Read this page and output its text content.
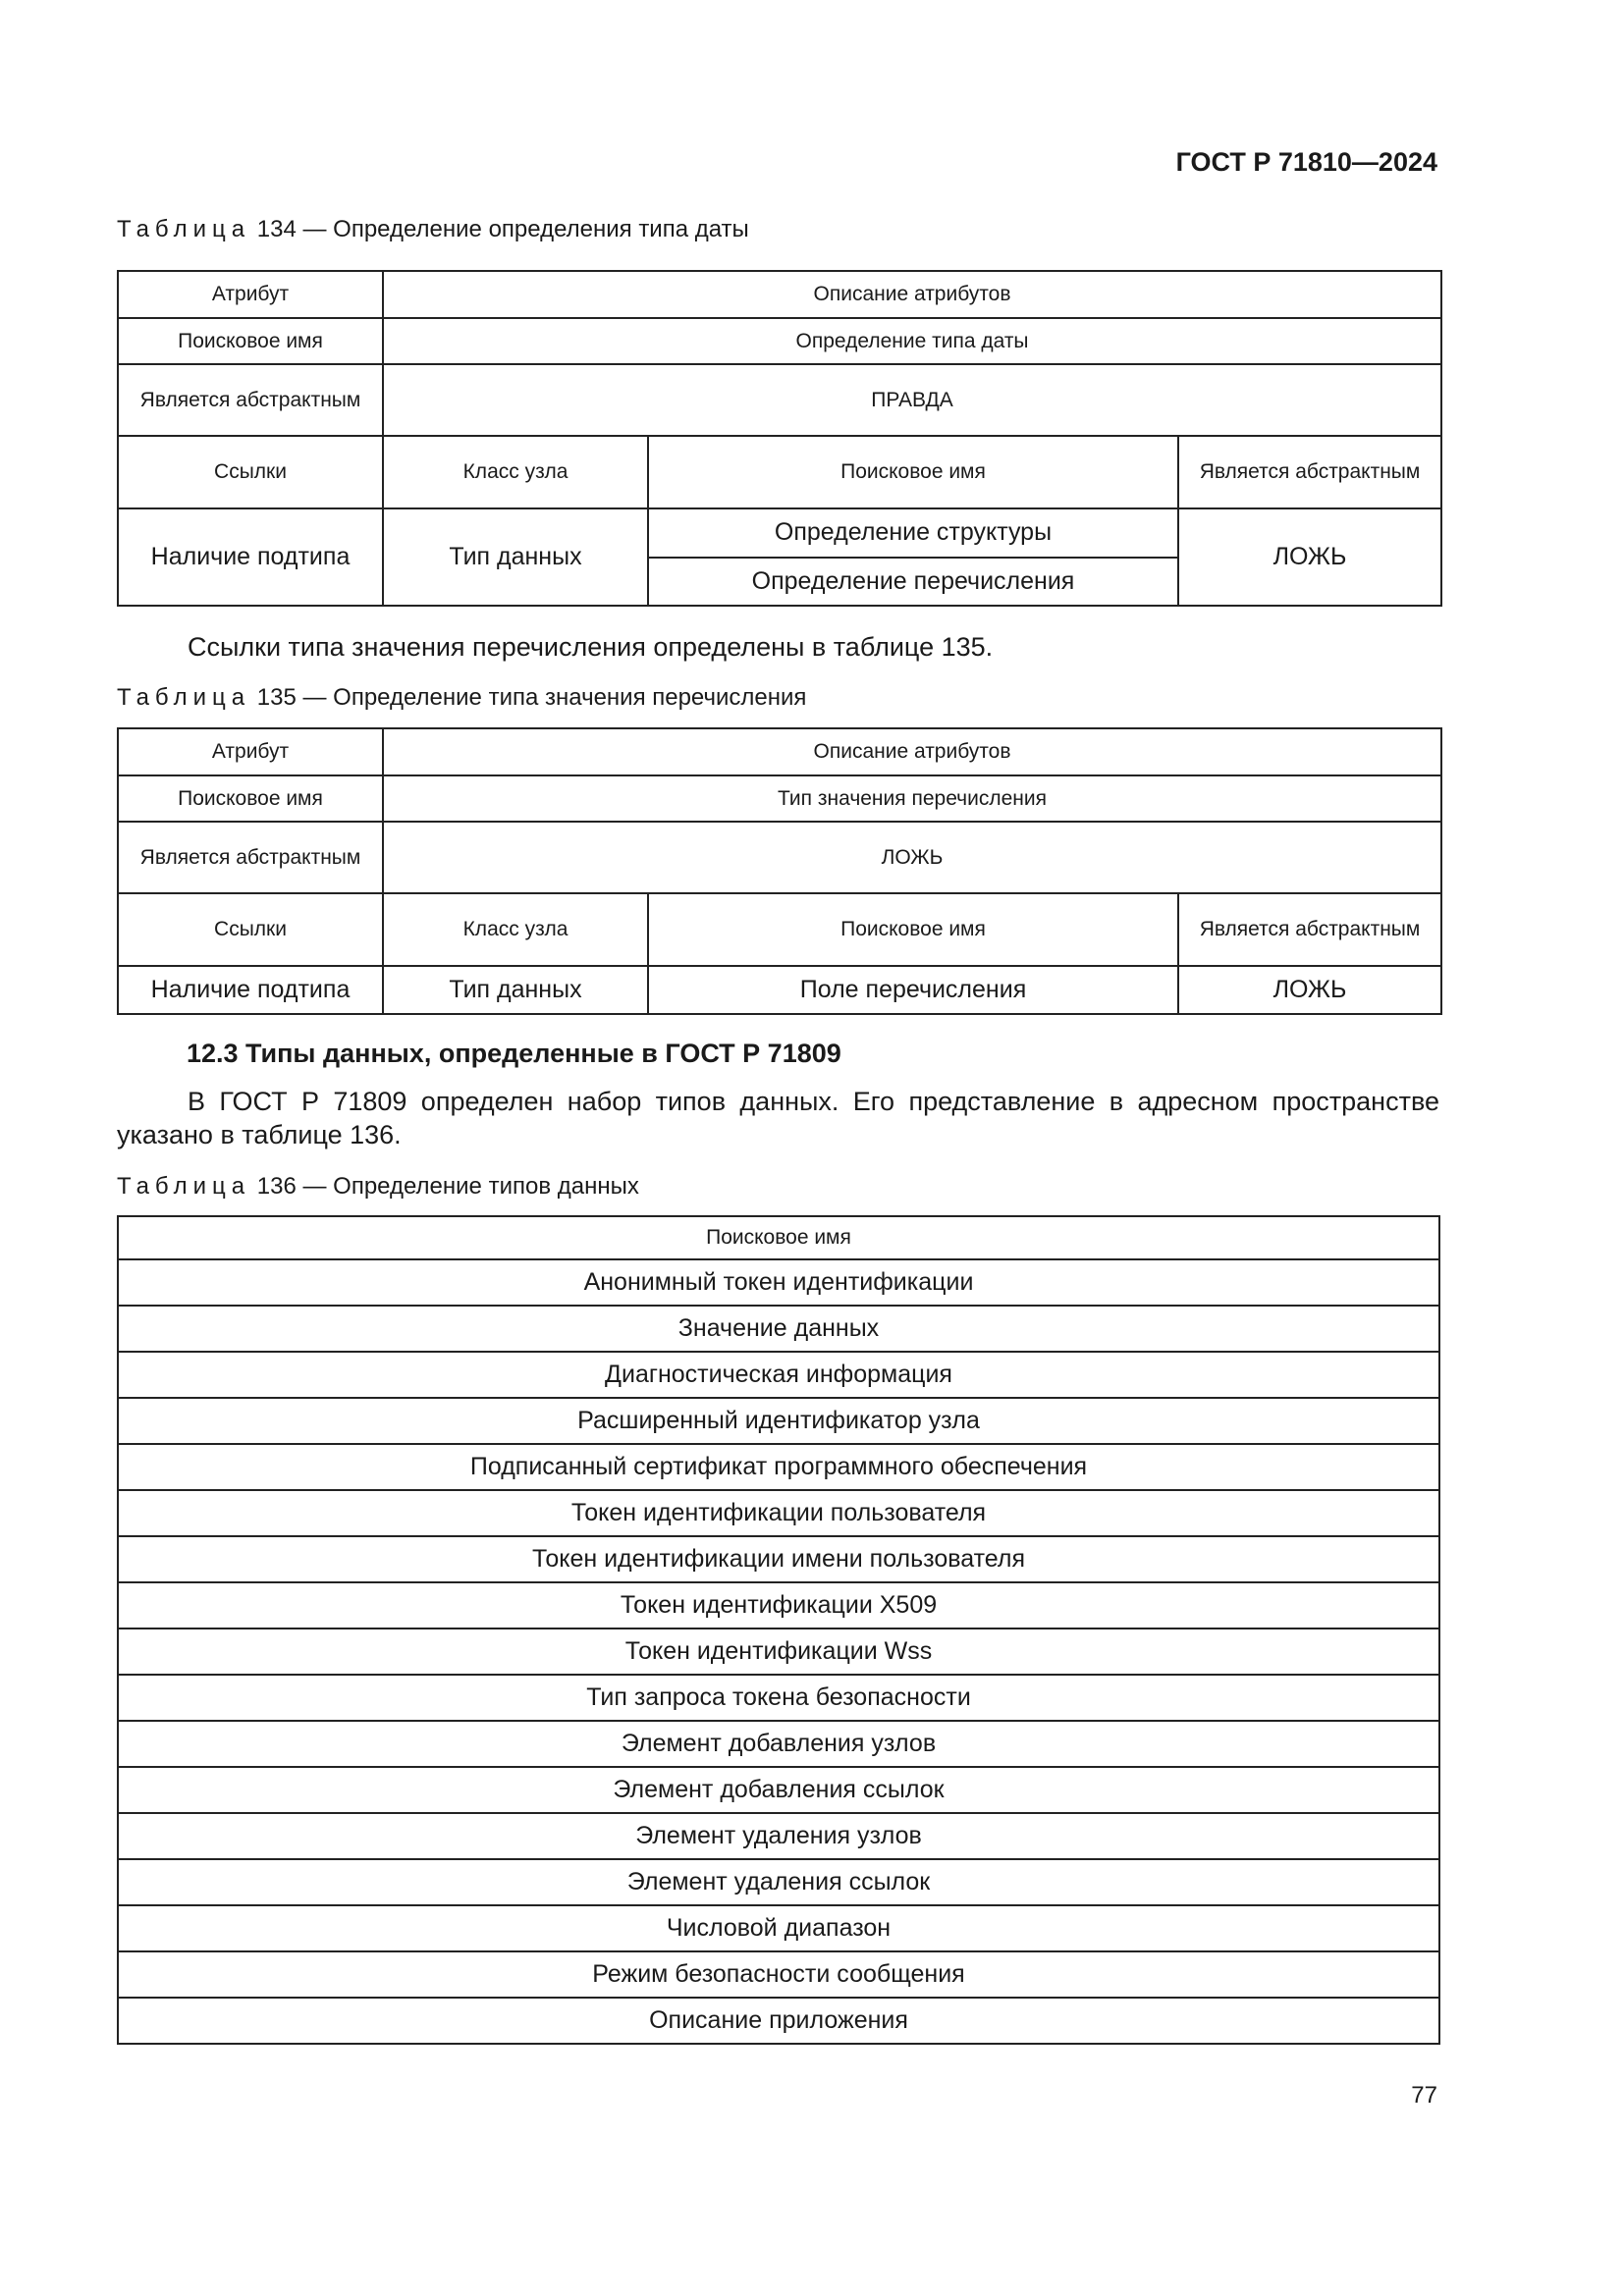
ГОСТ Р 71810—2024
Таблица 134 — Определение определения типа даты
Атрибут	Описание атрибутов		
Поисковое имя	Определение типа даты		
Является абстрактным	ПРАВДА		
Ссылки	Класс узла	Поисковое имя	Является абстрактным
Наличие подтипа	Тип данных	Определение структуры	ЛОЖЬ
		Определение перечисления	
Ссылки типа значения перечисления определены в таблице 135.
Таблица 135 — Определение типа значения перечисления
Атрибут	Описание атрибутов		
Поисковое имя	Тип значения перечисления		
Является абстрактным	ЛОЖЬ		
Ссылки	Класс узла	Поисковое имя	Является абстрактным
Наличие подтипа	Тип данных	Поле перечисления	ЛОЖЬ
12.3 Типы данных, определенные в ГОСТ Р 71809
В ГОСТ Р 71809 определен набор типов данных. Его представление в адресном пространстве указано в таблице 136.
Таблица 136 — Определение типов данных
Поисковое имя
Анонимный токен идентификации
Значение данных
Диагностическая информация
Расширенный идентификатор узла
Подписанный сертификат программного обеспечения
Токен идентификации пользователя
Токен идентификации имени пользователя
Токен идентификации X509
Токен идентификации Wss
Тип запроса токена безопасности
Элемент добавления узлов
Элемент добавления ссылок
Элемент удаления узлов
Элемент удаления ссылок
Числовой диапазон
Режим безопасности сообщения
Описание приложения
77
